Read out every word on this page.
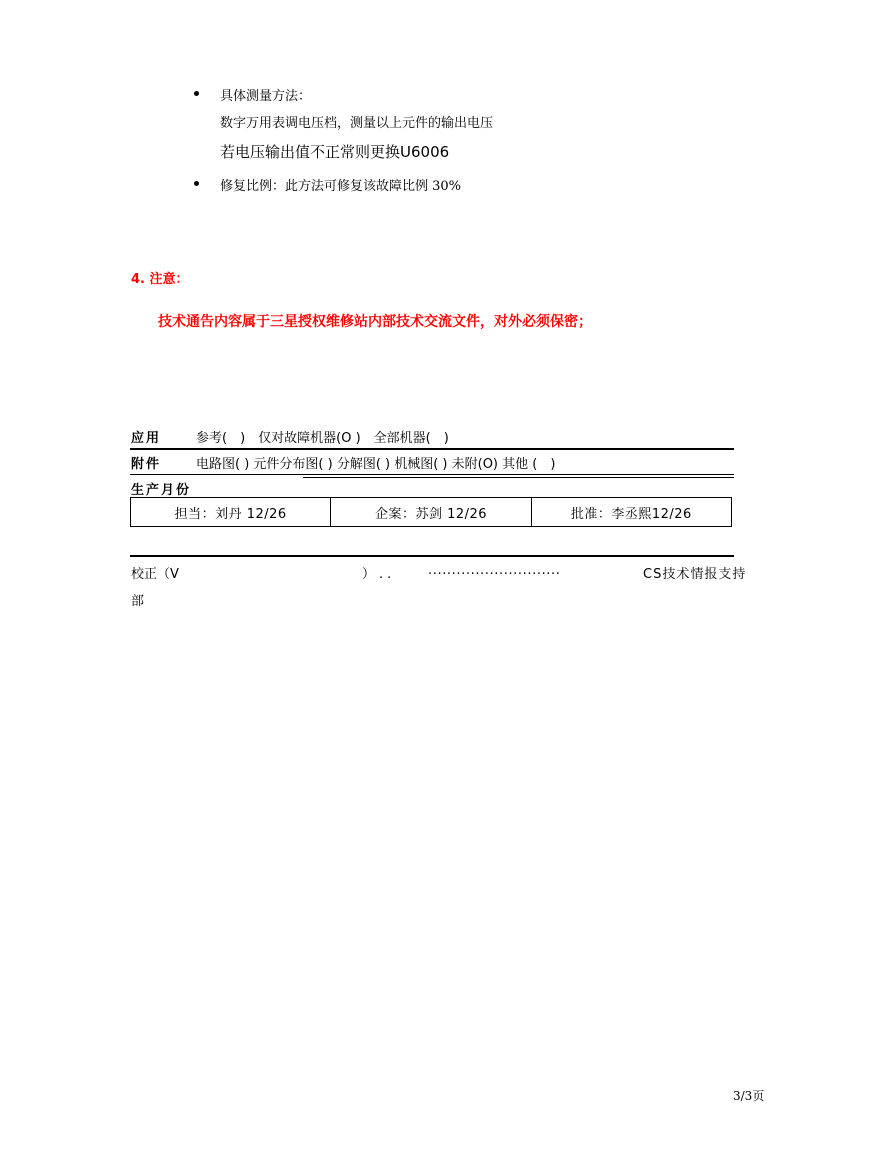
具体测量方法：
数字万用表调电压档，测量以上元件的输出电压
若电压输出值不正常则更换U6006
修复比例：此方法可修复该故障比例 30%
4. 注意：
技术通告内容属于三星授权维修站内部技术交流文件，对外必须保密；
应用	参考(　)　仅对故障机器(O )　全部机器(　)
附件	电路图( ) 元件分布图( ) 分解图( ) 机械图( ) 未附(O) 其他 (　)
生产月份
担当：刘丹 12/26	企案：苏剑 12/26	批准：李丞熙12/26
校正（V	）..	............................	CS技术情报支持
部
3/3页
